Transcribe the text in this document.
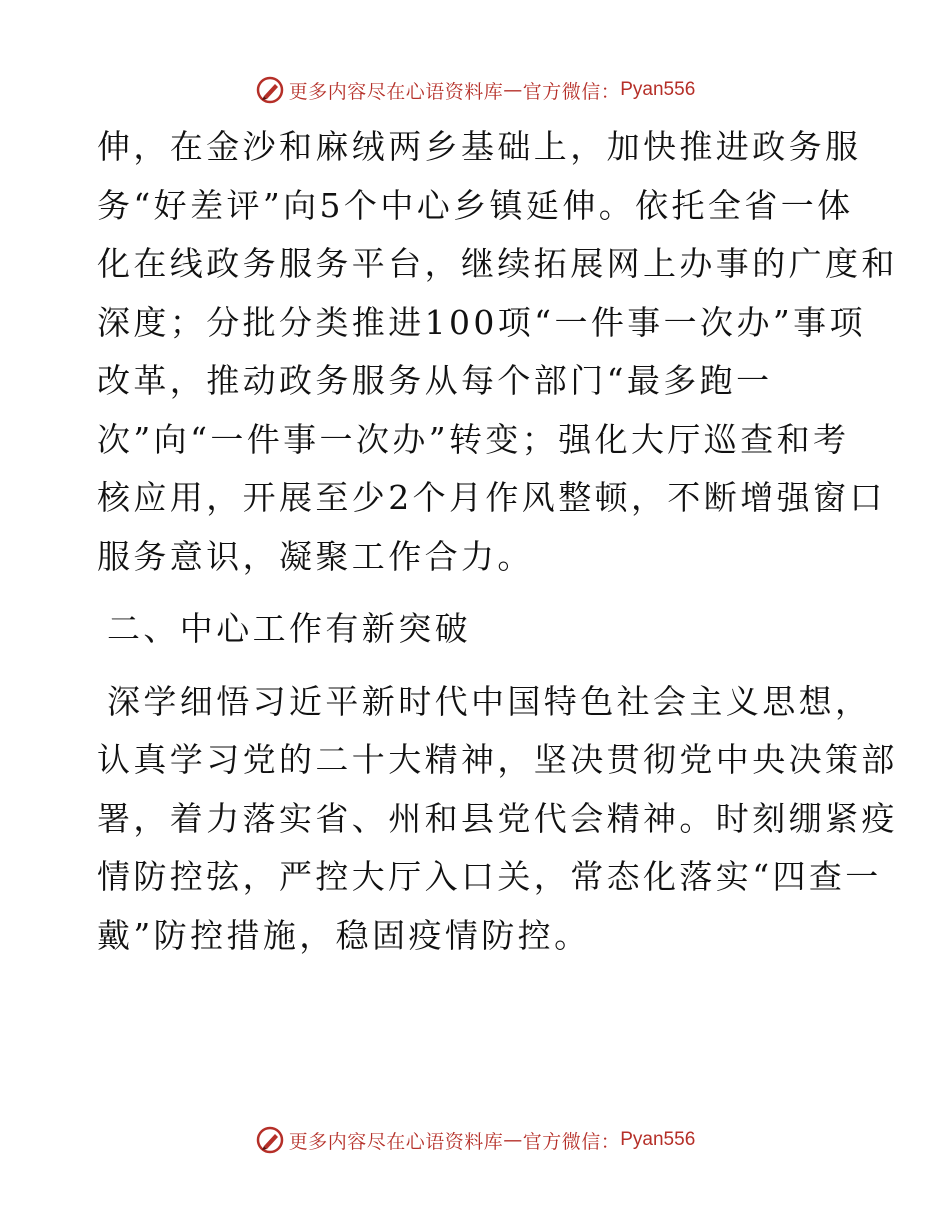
更多内容尽在心语资料库 — 官方微信： Pyan556
伸，在金沙和麻绒两乡基础上，加快推进政务服
务“好差评”向5个中心乡镇延伸。依托全省一体
化在线政务服务平台，继续拓展网上办事的广度和
深度；分批分类推进100项“一件事一次办”事项
改革，推动政务服务从每个部门“最多跑一
次”向“一件事一次办”转变；强化大厅巡查和考
核应用，开展至少2个月作风整顿，不断增强窗口
服务意识，凝聚工作合力。
二、中心工作有新突破
深学细悟习近平新时代中国特色社会主义思想，
认真学习党的二十大精神，坚决贯彻党中央决策部
署，着力落实省、州和县党代会精神。时刻绷紧疫
情防控弦，严控大厅入口关，常态化落实“四查一
戴”防控措施，稳固疫情防控。
更多内容尽在心语资料库 — 官方微信： Pyan556
